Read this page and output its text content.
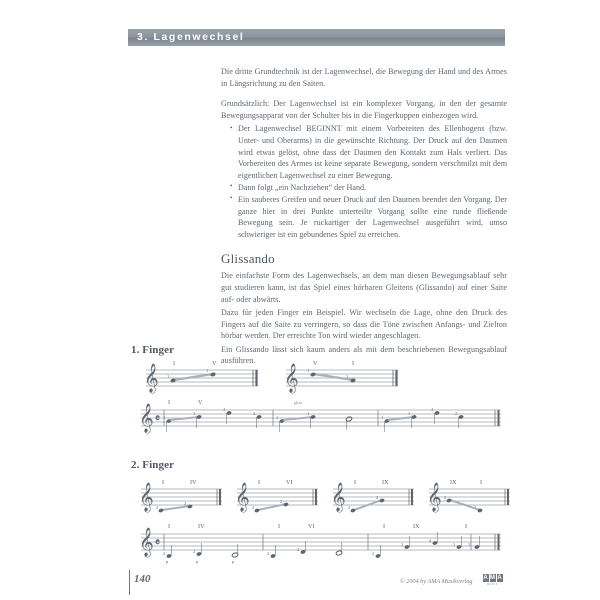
3. Lagenwechsel

Die dritte Grundtechnik ist der Lagenwechsel, die Bewegung der Hand und des Armes in Längsrichtung zu den Saiten.

Grundsätzlich: Der Lagenwechsel ist ein komplexer Vorgang, in den der gesamte Bewegungsapparat von der Schulter bis in die Fingerkuppen einbezogen wird.

• Der Lagenwechsel BEGINNT mit einem Vorbereiten des Ellenbogens (bzw. Unter- und Oberarms) in die gewünschte Richtung. Der Druck auf den Daumen wird etwas gelöst, ohne dass der Daumen den Kontakt zum Hals verliert. Das Vorbereiten des Armes ist keine separate Bewegung, sondern verschmilzt mit dem eigentlichen Lagenwechsel zu einer Bewegung.
• Dann folgt „ein Nachziehen“ der Hand.
• Ein sauberes Greifen und neuer Druck auf den Daumen beendet den Vorgang. Der ganze hier in drei Punkte unterteilte Vorgang sollte eine runde fließende Bewegung sein. Je ruckartiger der Lagenwechsel ausgeführt wird, umso schwieriger ist ein gebundenes Spiel zu erreichen.
Glissando

Die einfachste Form des Lagenwechsels, an dem man diesen Bewegungsablauf sehr gut studieren kann, ist das Spiel eines hörbaren Gleitens (Glissando) auf einer Saite auf- oder abwärts.

Dazu für jeden Finger ein Beispiel. Wir wechseln die Lage, ohne den Druck des Fingers auf die Saite zu verringern, so dass die Töne zwischen Anfangs- und Zielton hörbar werden. Der erreichte Ton wird wieder angeschlagen.

Ein Glissando lässt sich kaum anders als mit dem beschriebenen Bewegungsablauf ausführen.

1. Finger
𝄞 I	V
1
1	𝄞 V	I
1
1
𝄞 𝄴
I	V	gliss.
1
1
4
2
1
1
1
1
4
2
2. Finger
𝄞 I	IV
2
2 𝄞 I	VI
2
2 𝄞 I	IX
2
2 𝄞 IX	I
2
I	IV	I	VI	I	IX	I
𝄞 𝄴
2	2
p	p	p
2
2
2
2
4
1	2
140	© 2004 by AMA Musikverlag A M A
MUSIK
